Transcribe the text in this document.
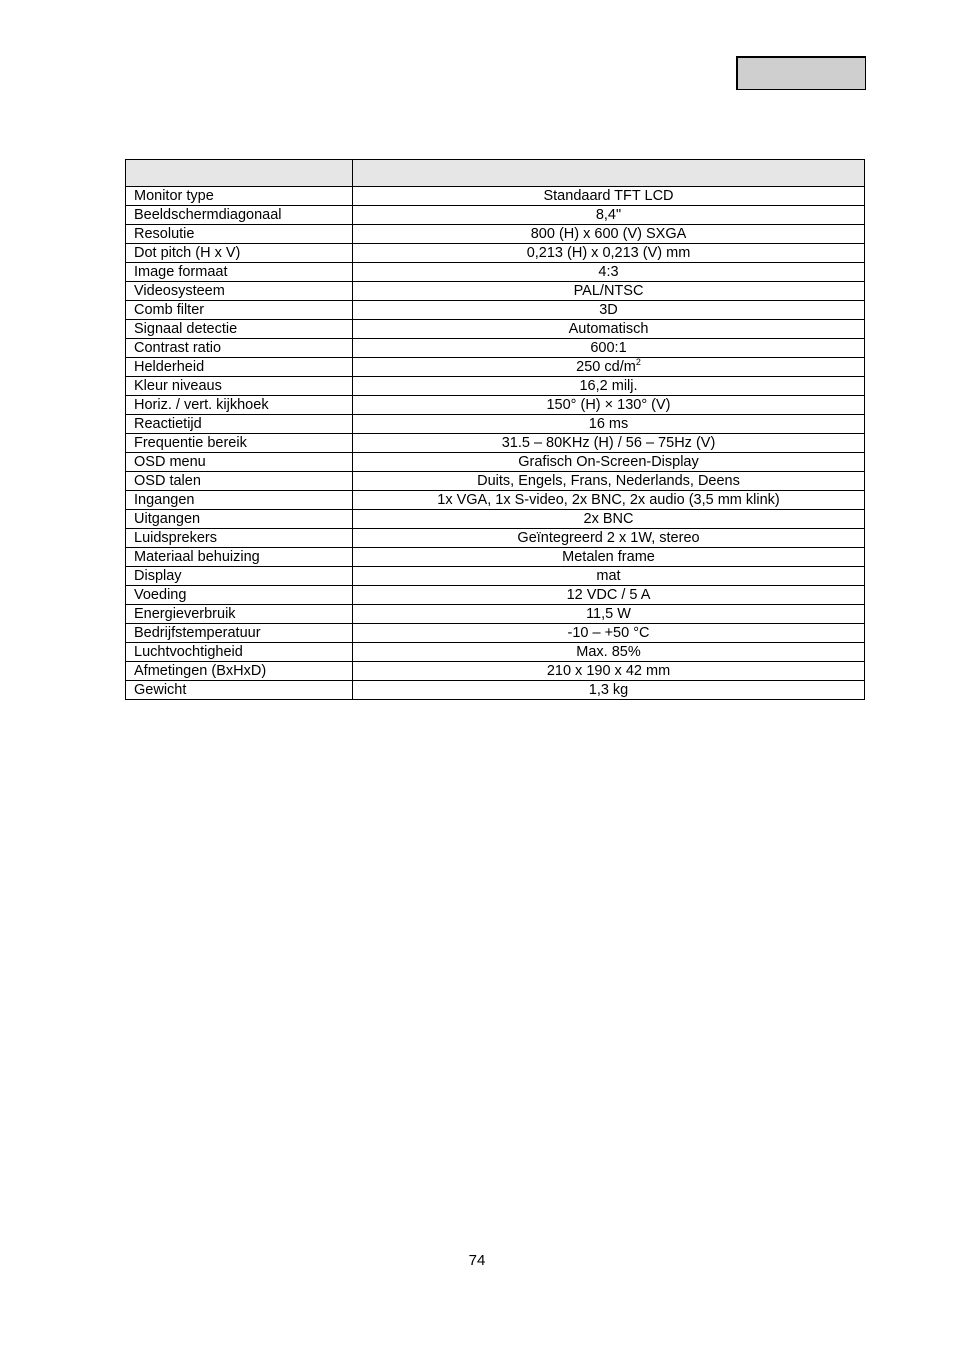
Monitor type	Standaard TFT LCD
Beeldschermdiagonaal	8,4"
Resolutie	800 (H) x 600 (V) SXGA
Dot pitch (H x V)	0,213 (H) x 0,213 (V) mm
Image formaat	4:3
Videosysteem	PAL/NTSC
Comb filter	3D
Signaal detectie	Automatisch
Contrast ratio	600:1
Helderheid	250 $cd/m^2$
Kleur niveaus	16,2 milj.
Horiz. / vert. kijkhoek	150° (H) × 130° (V)
Reactietijd	16 ms
Frequentie bereik	31.5 – 80KHz (H) / 56 – 75Hz (V)
OSD menu	Grafisch On-Screen-Display
OSD talen	Duits, Engels, Frans, Nederlands, Deens
Ingangen	1x VGA, 1x S-video, 2x BNC, 2x audio (3,5 mm klink)
Uitgangen	2x BNC
Luidsprekers	Geïntegreerd 2 x 1W, stereo
Materiaal behuizing	Metalen frame
Display	mat
Voeding	12 VDC / 5 A
Energieverbruik	11,5 W
Bedrijfstemperatuur	-10 – +50 °C
Luchtvochtigheid	Max. 85%
Afmetingen (BxHxD)	210 x 190 x 42 mm
Gewicht	1,3 kg
74
